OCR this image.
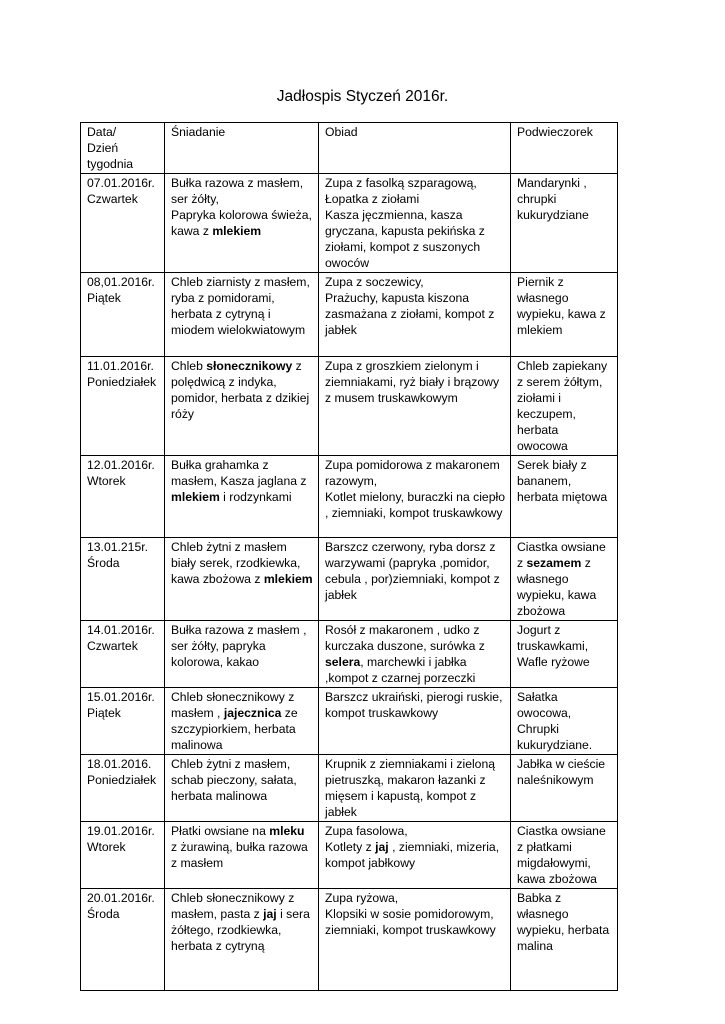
Jadłospis Styczeń 2016r.
Data/
Dzień
tygodnia	Śniadanie	Obiad	Podwieczorek
07.01.2016r.
Czwartek	Bułka razowa z masłem,
ser żółty,
Papryka kolorowa świeża,
kawa z mlekiem	Zupa z fasolką szparagową,
Łopatka z ziołami
Kasza jęczmienna, kasza gryczana, kapusta pekińska z ziołami, kompot z suszonych owoców	Mandarynki , chrupki kukurydziane
08,01.2016r.
Piątek	Chleb ziarnisty z masłem, ryba z pomidorami, herbata z cytryną i miodem wielokwiatowym	Zupa z soczewicy,
Prażuchy, kapusta kiszona zasmażana z ziołami, kompot z jabłek	Piernik z własnego wypieku, kawa z mlekiem
11.01.2016r.
Poniedziałek	Chleb słonecznikowy z polędwicą z indyka, pomidor, herbata z dzikiej róży	Zupa z groszkiem zielonym i ziemniakami, ryż biały i brązowy z musem truskawkowym	Chleb zapiekany z serem żółtym, ziołami i keczupem, herbata owocowa
12.01.2016r.
Wtorek	Bułka grahamka z masłem, Kasza jaglana z mlekiem i rodzynkami	Zupa pomidorowa z makaronem razowym,
Kotlet mielony, buraczki na ciepło , ziemniaki, kompot truskawkowy	Serek biały z bananem, herbata miętowa
13.01.215r.
Środa	Chleb żytni z masłem biały serek, rzodkiewka, kawa zbożowa z mlekiem	Barszcz czerwony, ryba dorsz z warzywami (papryka ,pomidor, cebula , por)ziemniaki, kompot z jabłek	Ciastka owsiane z sezamem z własnego wypieku, kawa zbożowa
14.01.2016r.
Czwartek	Bułka razowa z masłem , ser żółty, papryka kolorowa, kakao	Rosół z makaronem , udko z kurczaka duszone, surówka z selera, marchewki i jabłka ,kompot z czarnej porzeczki	Jogurt z truskawkami, Wafle ryżowe
15.01.2016r.
Piątek	Chleb słonecznikowy z masłem , jajecznica ze szczypiorkiem, herbata malinowa	Barszcz ukraiński, pierogi ruskie, kompot truskawkowy	Sałatka owocowa, Chrupki kukurydziane.
18.01.2016.
Poniedziałek	Chleb żytni z masłem, schab pieczony, sałata, herbata malinowa	Krupnik z ziemniakami i zieloną pietruszką, makaron łazanki z mięsem i kapustą, kompot z jabłek	Jabłka w cieście naleśnikowym
19.01.2016r.
Wtorek	Płatki owsiane na mleku z żurawiną, bułka razowa z masłem	Zupa fasolowa,
Kotlety z jaj , ziemniaki, mizeria,
kompot jabłkowy	Ciastka owsiane z płatkami migdałowymi, kawa zbożowa
20.01.2016r.
Środa	Chleb słonecznikowy z masłem, pasta z jaj i sera żółtego, rzodkiewka,
herbata z cytryną	Zupa ryżowa,
Klopsiki w sosie pomidorowym, ziemniaki, kompot truskawkowy	Babka z własnego wypieku, herbata malina
